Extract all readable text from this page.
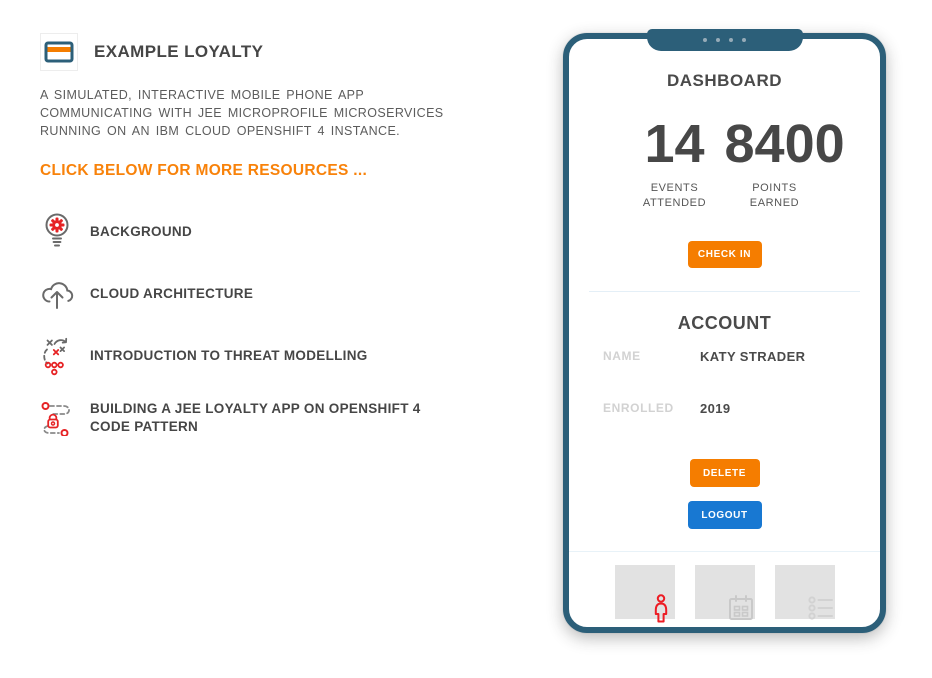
EXAMPLE LOYALTY
A SIMULATED, INTERACTIVE MOBILE PHONE APP COMMUNICATING WITH JEE MICROPROFILE MICROSERVICES RUNNING ON AN IBM CLOUD OPENSHIFT 4 INSTANCE.
CLICK BELOW FOR MORE RESOURCES ...
BACKGROUND
CLOUD ARCHITECTURE
INTRODUCTION TO THREAT MODELLING
BUILDING A JEE LOYALTY APP ON OPENSHIFT 4 CODE PATTERN
DASHBOARD
14
EVENTS
ATTENDED
8400
POINTS
EARNED
CHECK IN
ACCOUNT
NAME	KATY STRADER
ENROLLED 2019
DELETE
LOGOUT
